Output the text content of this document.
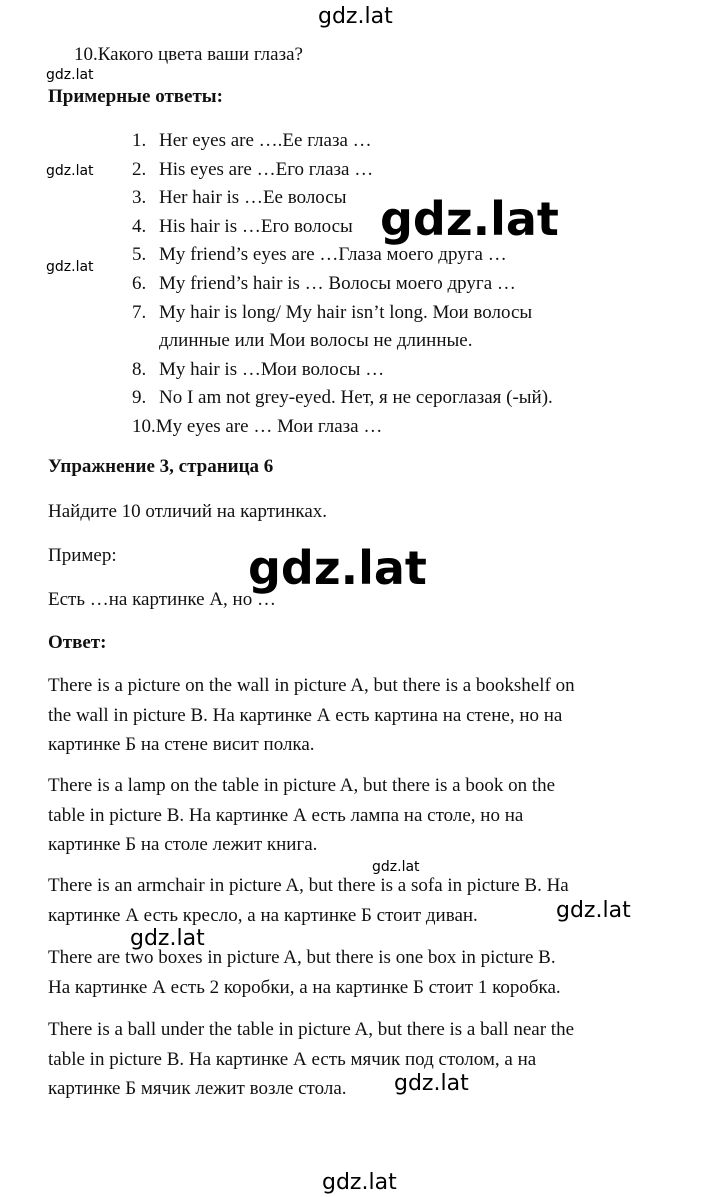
10.Какого цвета ваши глаза?
Примерные ответы:
1. Her eyes are ….Ее глаза …
2. His eyes are …Его глаза …
3. Her hair is …Ее волосы
4. His hair is …Его волосы
5. My friend’s eyes are …Глаза моего друга …
6. My friend’s hair is … Волосы моего друга …
7. My hair is long/ My hair isn’t long. Мои волосы
длинные или Мои волосы не длинные.
8. My hair is …Мои волосы …
9. No I am not grey-eyed. Нет, я не сероглазая (-ый).
10.My eyes are … Мои глаза …
Упражнение 3, страница 6
Найдите 10 отличий на картинках.
Пример:
Есть …на картинке А, но …
Ответ:

There is a picture on the wall in picture A, but there is a bookshelf on
the wall in picture B. На картинке А есть картина на стене, но на
картинке Б на стене висит полка.

There is a lamp on the table in picture A, but there is a book on the
table in picture B. На картинке А есть лампа на столе, но на
картинке Б на столе лежит книга.

There is an armchair in picture A, but there is a sofa in picture B. На
картинке А есть кресло, а на картинке Б стоит диван.

There are two boxes in picture A, but there is one box in picture B.
На картинке А есть 2 коробки, а на картинке Б стоит 1 коробка.

There is a ball under the table in picture A, but there is a ball near the
table in picture B. На картинке А есть мячик под столом, а на
картинке Б мячик лежит возле стола.

gdz.lat
gdz.lat
gdz.lat
gdz.lat
gdz.lat
gdz.lat
gdz.lat
gdz.lat
gdz.lat
gdz.lat
gdz.lat
